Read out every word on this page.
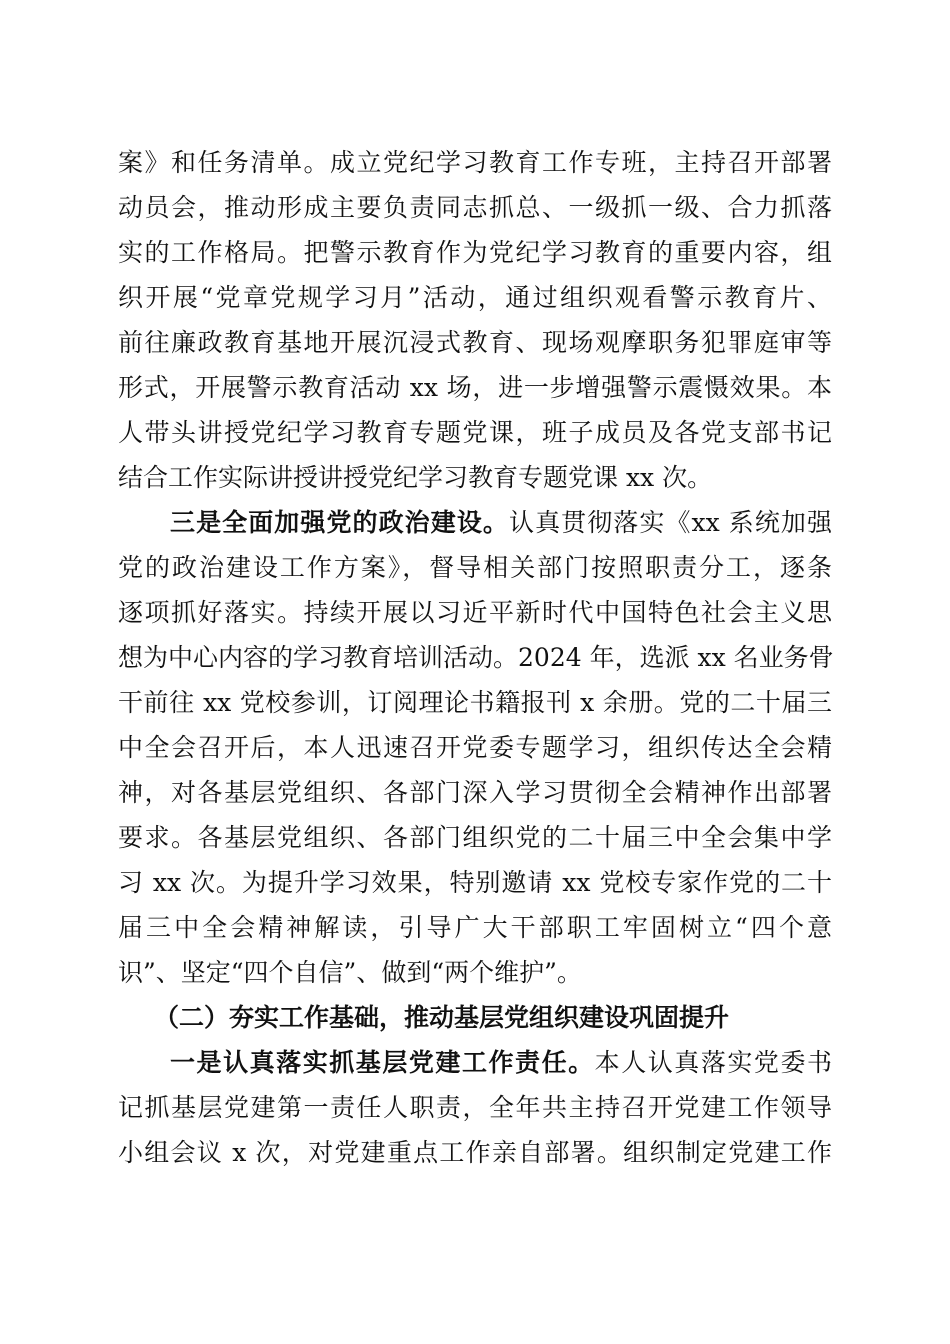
案》和任务清单。成立党纪学习教育工作专班，主持召开部署
动员会，推动形成主要负责同志抓总、一级抓一级、合力抓落
实的工作格局。把警示教育作为党纪学习教育的重要内容，组
织开展“党章党规学习月”活动，通过组织观看警示教育片、
前往廉政教育基地开展沉浸式教育、现场观摩职务犯罪庭审等
形式，开展警示教育活动 xx 场，进一步增强警示震慑效果。本
人带头讲授党纪学习教育专题党课，班子成员及各党支部书记
结合工作实际讲授讲授党纪学习教育专题党课 xx 次。
三是全面加强党的政治建设。认真贯彻落实《xx 系统加强
党的政治建设工作方案》，督导相关部门按照职责分工，逐条
逐项抓好落实。持续开展以习近平新时代中国特色社会主义思
想为中心内容的学习教育培训活动。2024 年，选派 xx 名业务骨
干前往 xx 党校参训，订阅理论书籍报刊 x 余册。党的二十届三
中全会召开后，本人迅速召开党委专题学习，组织传达全会精
神，对各基层党组织、各部门深入学习贯彻全会精神作出部署
要求。各基层党组织、各部门组织党的二十届三中全会集中学
习 xx 次。为提升学习效果，特别邀请 xx 党校专家作党的二十
届三中全会精神解读，引导广大干部职工牢固树立“四个意
识”、坚定“四个自信”、做到“两个维护”。
（二）夯实工作基础，推动基层党组织建设巩固提升
一是认真落实抓基层党建工作责任。本人认真落实党委书
记抓基层党建第一责任人职责，全年共主持召开党建工作领导
小组会议 x 次，对党建重点工作亲自部署。组织制定党建工作
